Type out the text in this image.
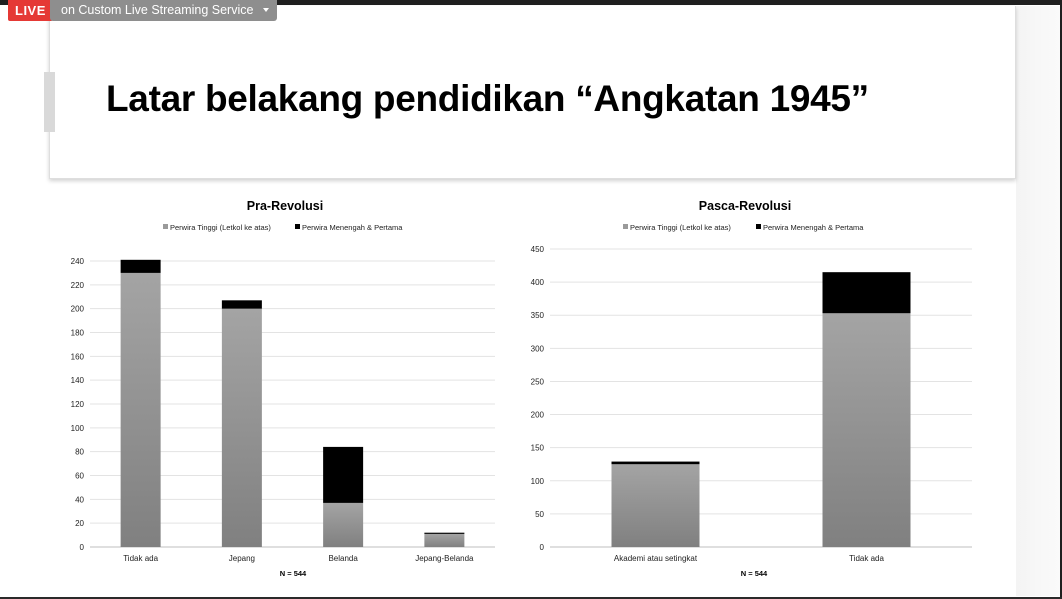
Latar belakang pendidikan “Angkatan 1945”
LIVE	on Custom Live Streaming Service
Pra-Revolusi
Perwira Tinggi (Letkol ke atas)	Perwira Menengah & Pertama
0
20
40
60
80
100
120
140
160
180
200
220
240
Tidak ada	Jepang	Belanda	Jepang-Belanda
N = 544
Pasca-Revolusi
Perwira Tinggi (Letkol ke atas)	Perwira Menengah & Pertama
0
50
100
150
200
250
300
350
400
450
Akademi atau setingkat	Tidak ada
N = 544
